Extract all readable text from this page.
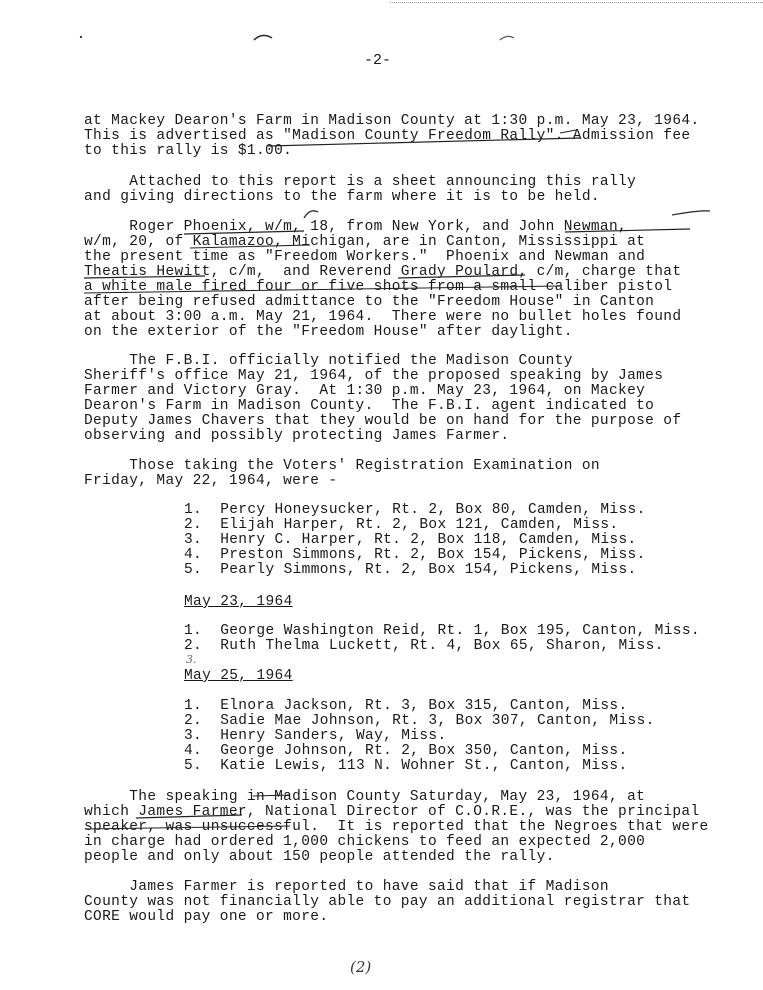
-2-
at Mackey Dearon's Farm in Madison County at 1:30 p.m. May 23, 1964.
This is advertised as "Madison County Freedom Rally". Admission fee
to this rally is $1.00.
Attached to this report is a sheet announcing this rally
and giving directions to the farm where it is to be held.
Roger Phoenix, w/m, 18, from New York, and John Newman,
w/m, 20, of Kalamazoo, Michigan, are in Canton, Mississippi at
the present time as "Freedom Workers."  Phoenix and Newman and
Theatis Hewitt, c/m,  and Reverend Grady Poulard, c/m, charge that
a white male fired four or five shots from a small caliber pistol
after being refused admittance to the "Freedom House" in Canton
at about 3:00 a.m. May 21, 1964.  There were no bullet holes found
on the exterior of the "Freedom House" after daylight.
The F.B.I. officially notified the Madison County
Sheriff's office May 21, 1964, of the proposed speaking by James
Farmer and Victory Gray.  At 1:30 p.m. May 23, 1964, on Mackey
Dearon's Farm in Madison County.  The F.B.I. agent indicated to
Deputy James Chavers that they would be on hand for the purpose of
observing and possibly protecting James Farmer.
Those taking the Voters' Registration Examination on
Friday, May 22, 1964, were -
1.  Percy Honeysucker, Rt. 2, Box 80, Camden, Miss.
2.  Elijah Harper, Rt. 2, Box 121, Camden, Miss.
3.  Henry C. Harper, Rt. 2, Box 118, Camden, Miss.
4.  Preston Simmons, Rt. 2, Box 154, Pickens, Miss.
5.  Pearly Simmons, Rt. 2, Box 154, Pickens, Miss.
May 23, 1964
1.  George Washington Reid, Rt. 1, Box 195, Canton, Miss.
2.  Ruth Thelma Luckett, Rt. 4, Box 65, Sharon, Miss.
3.
May 25, 1964
1.  Elnora Jackson, Rt. 3, Box 315, Canton, Miss.
2.  Sadie Mae Johnson, Rt. 3, Box 307, Canton, Miss.
3.  Henry Sanders, Way, Miss.
4.  George Johnson, Rt. 2, Box 350, Canton, Miss.
5.  Katie Lewis, 113 N. Wohner St., Canton, Miss.
The speaking in Madison County Saturday, May 23, 1964, at
which James Farmer, National Director of C.O.R.E., was the principal
speaker, was unsuccessful.  It is reported that the Negroes that were
in charge had ordered 1,000 chickens to feed an expected 2,000
people and only about 150 people attended the rally.
James Farmer is reported to have said that if Madison
County was not financially able to pay an additional registrar that
CORE would pay one or more.
(2)
